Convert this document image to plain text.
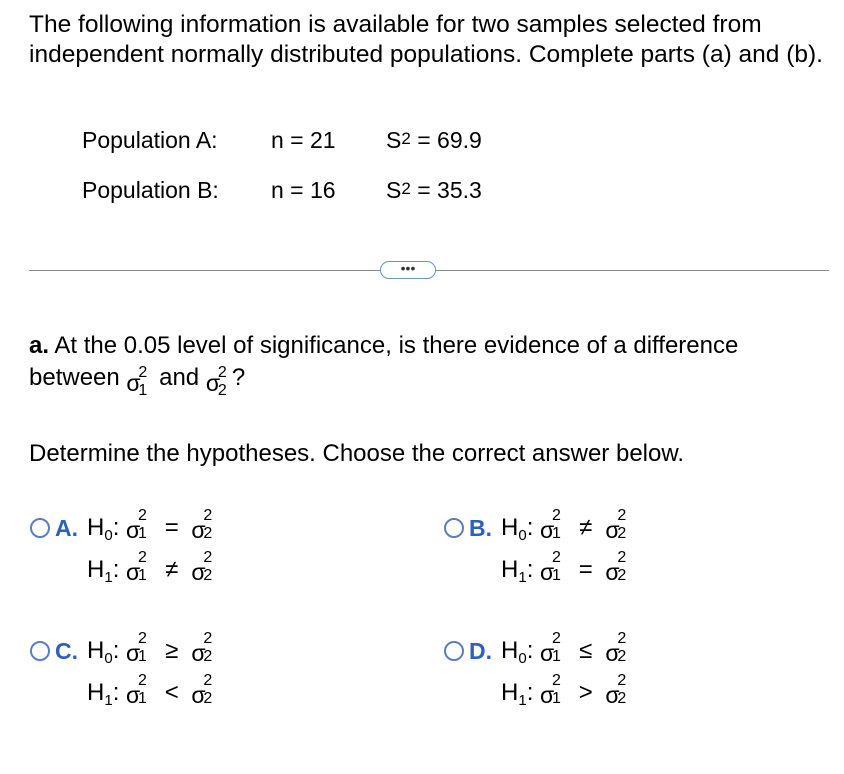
The following information is available for two samples selected from independent normally distributed populations. Complete parts (a) and (b).
Population A: n = 21 $S^2 = 69.9$
Population B: n = 16 $S^2 = 35.3$
•••
a. At the 0.05 level of significance, is there evidence of a difference between σ
2
1 and σ
2
2 ?
Determine the hypotheses. Choose the correct answer below.
A. $H_0$: σ
2
1 = σ
2
2
$H_1$: σ
2
1 ≠ σ
2
2
B. $H_0$: σ
2
1 ≠ σ
2
2
$H_1$: σ
2
1 = σ
2
2
C. $H_0$: σ
2
1 ≥ σ
2
2
$H_1$: σ
2
1 < σ
2
2
D. $H_0$: σ
2
1 ≤ σ
2
2
$H_1$: σ
2
1 > σ
2
2
